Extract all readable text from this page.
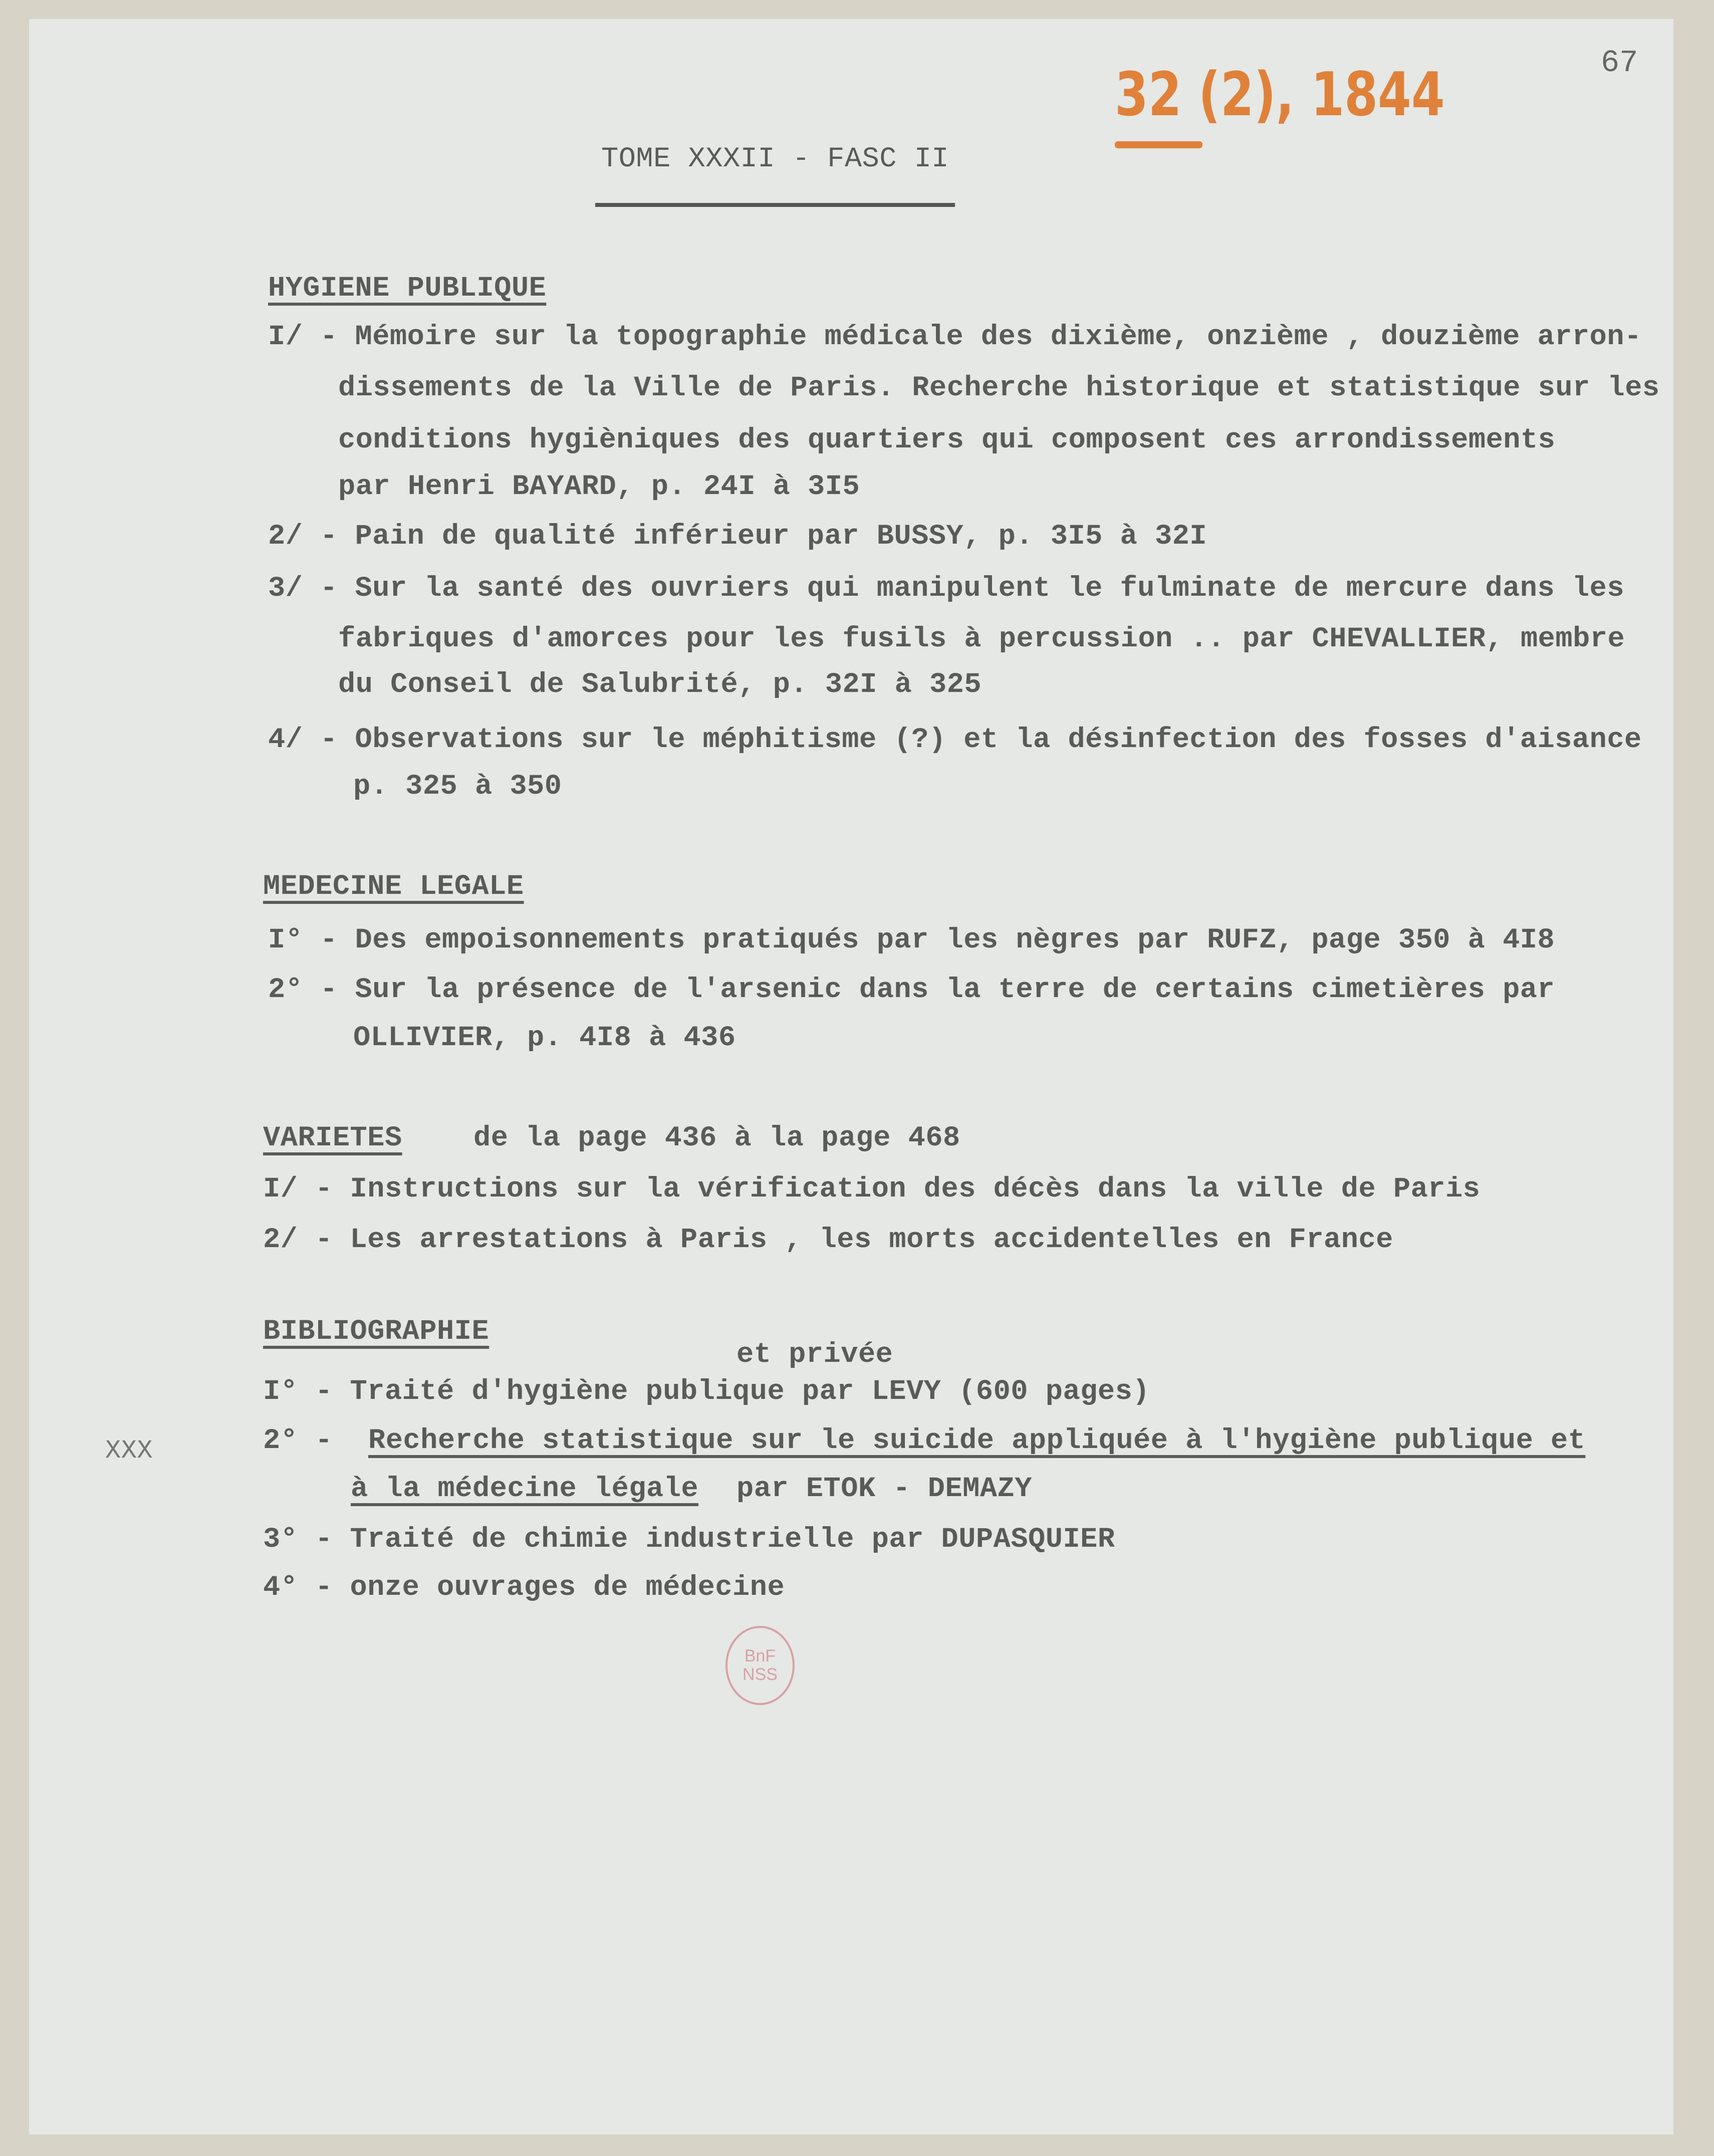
67
32 (2), 1844
TOME XXXII - FASC II
HYGIENE PUBLIQUE
I/ - Mémoire sur la topographie médicale des dixième, onzième , douzième arron-
dissements de la Ville de Paris. Recherche historique et statistique sur les
conditions hygièniques des quartiers qui composent ces arrondissements
par Henri BAYARD, p. 24I à 3I5
2/ - Pain de qualité inférieur par BUSSY, p. 3I5 à 32I
3/ - Sur la santé des ouvriers qui manipulent le fulminate de mercure dans les
fabriques d'amorces pour les fusils à percussion .. par CHEVALLIER, membre
du Conseil de Salubrité, p. 32I à 325
4/ - Observations sur le méphitisme (?) et la désinfection des fosses d'aisance
p. 325 à 350
MEDECINE LEGALE
I° - Des empoisonnements pratiqués par les nègres par RUFZ, page 350 à 4I8
2° - Sur la présence de l'arsenic dans la terre de certains cimetières par
OLLIVIER, p. 4I8 à 436
VARIETES de la page 436 à la page 468
I/ - Instructions sur la vérification des décès dans la ville de Paris
2/ - Les arrestations à Paris , les morts accidentelles en France
BIBLIOGRAPHIE
et privée
I° - Traité d'hygiène publique par LEVY (600 pages)
2° - Recherche statistique sur le suicide appliquée à l'hygiène publique et
à la médecine légale par ETOK - DEMAZY
3° - Traité de chimie industrielle par DUPASQUIER
4° - onze ouvrages de médecine
XXX
BnF
NSS
